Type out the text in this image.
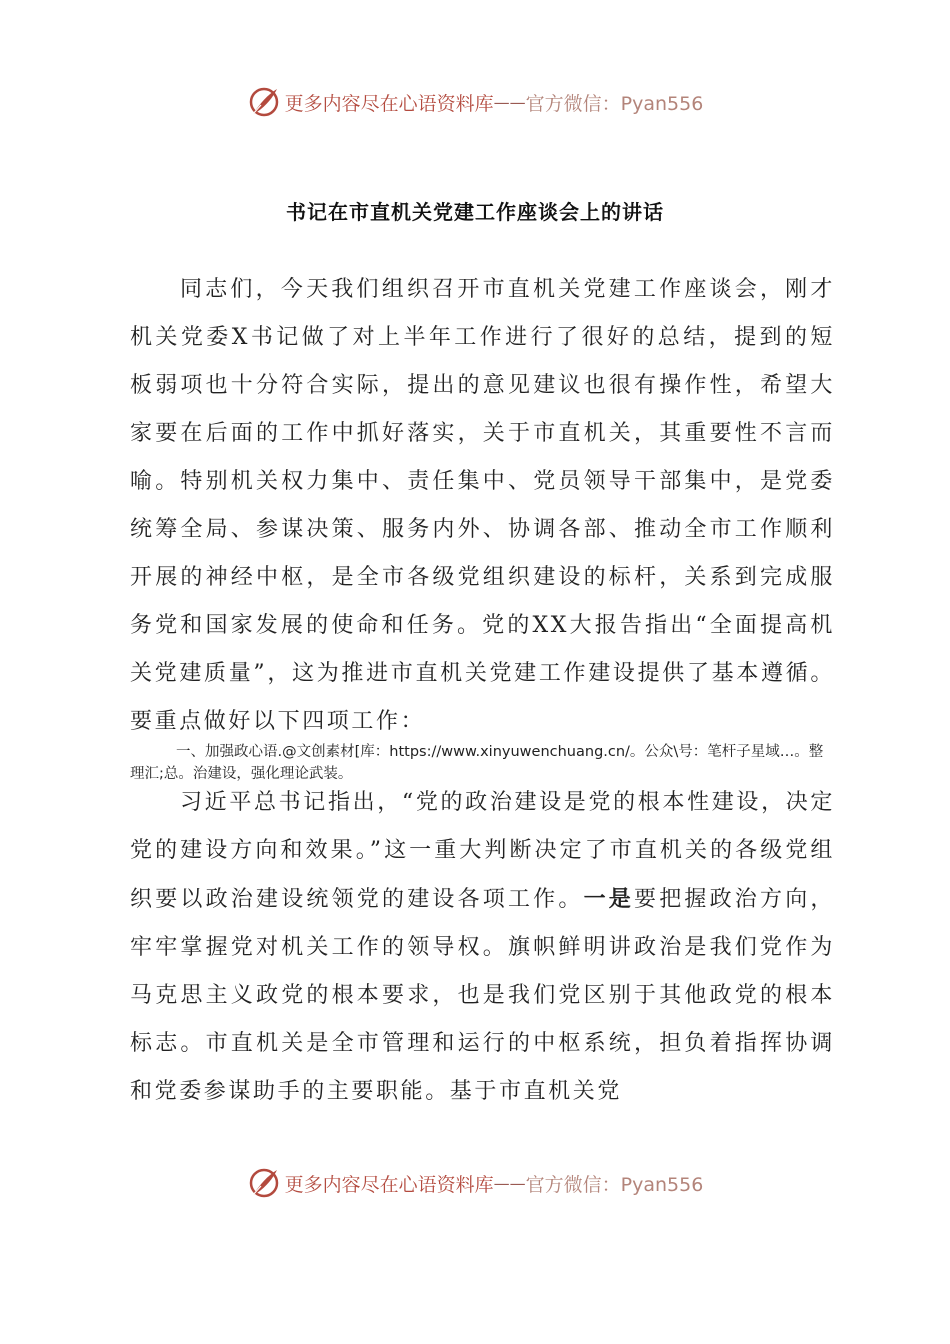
更多内容尽在心语资料库 —— 官方微信：Pyan556
书记在市直机关党建工作座谈会上的讲话

同志们，今天我们组织召开市直机关党建工作座谈会，刚才机关党委X书记做了对上半年工作进行了很好的总结，提到的短板弱项也十分符合实际，提出的意见建议也很有操作性，希望大家要在后面的工作中抓好落实，关于市直机关，其重要性不言而喻。特别机关权力集中、责任集中、党员领导干部集中，是党委统筹全局、参谋决策、服务内外、协调各部、推动全市工作顺利开展的神经中枢，是全市各级党组织建设的标杆，关系到完成服务党和国家发展的使命和任务。党的XX大报告指出“全面提高机关党建质量”，这为推进市直机关党建工作建设提供了基本遵循。要重点做好以下四项工作：

一、加强政心语.@文创素材[库：https://www.xinyuwenchuang.cn/。公众\号：笔杆子星域…。整理汇;总。治建设，强化理论武装。

习近平总书记指出，“党的政治建设是党的根本性建设，决定党的建设方向和效果。”这一重大判断决定了市直机关的各级党组织要以政治建设统领党的建设各项工作。一是要把握政治方向，牢牢掌握党对机关工作的领导权。旗帜鲜明讲政治是我们党作为马克思主义政党的根本要求，也是我们党区别于其他政党的根本标志。市直机关是全市管理和运行的中枢系统，担负着指挥协调和党委参谋助手的主要职能。基于市直机关党

更多内容尽在心语资料库 —— 官方微信：Pyan556
